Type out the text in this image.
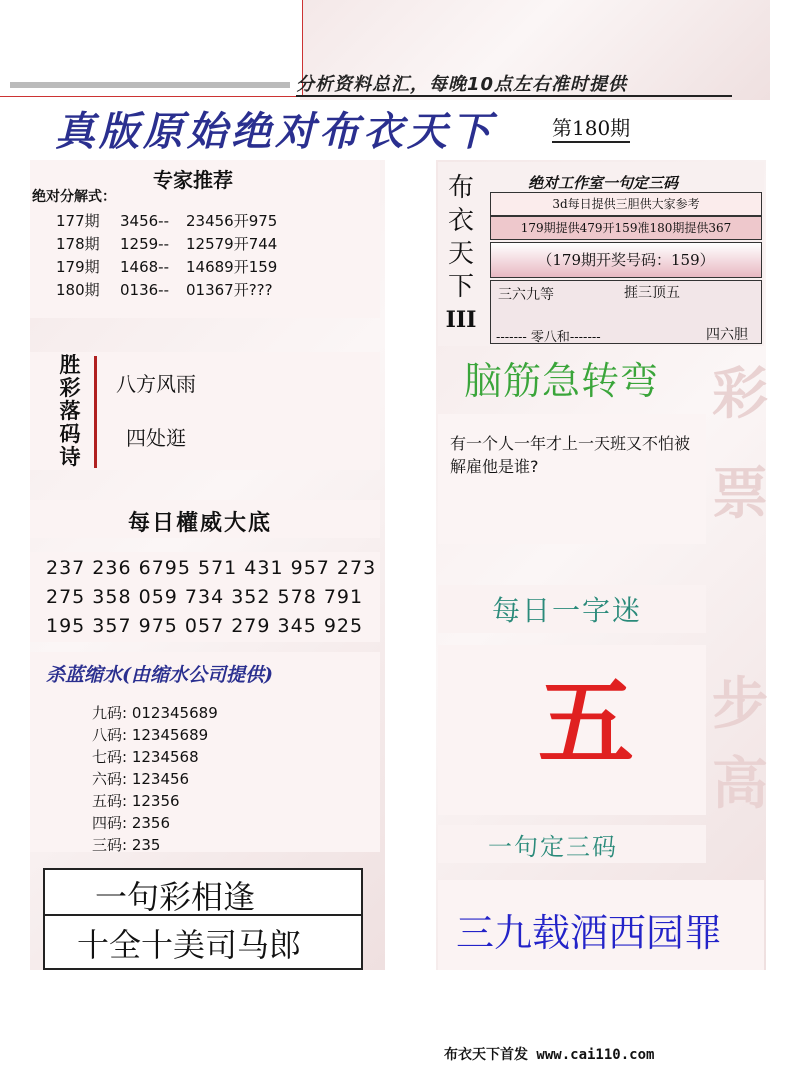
彩
票
步
高
分析资料总汇，每晚10点左右准时提供
真版原始绝对布衣天下	第180期
专家推荐
绝对分解式：
177期 3456-- 23456开975
178期 1259-- 12579开744
179期 1468-- 14689开159
180期 0136-- 01367开???
胜
彩
落
码
诗
八方风雨
四处逛
每日權威大底
237 236 6795 571 431 957 273
275 358 059 734 352 578 791
195 357 975 057 279 345 925
杀蓝缩水(由缩水公司提供)
九码: 012345689
八码: 12345689
七码: 1234568
六码: 123456
五码: 12356
四码: 2356
三码: 235
一句彩相逢
十全十美司马郎
布
衣
天
下
III
绝对工作室一句定三码
3d每日提供三胆供大家参考
179期提供479开159准180期提供367
（179期开奖号码：159）
三六九等	捱三顶五
------- 零八和-------	四六胆
脑筋急转弯
有一个人一年才上一天班又不怕被解雇他是谁?
每日一字迷
五
一句定三码
三九载酒西园罪
布衣天下首发 www.cai110.com
